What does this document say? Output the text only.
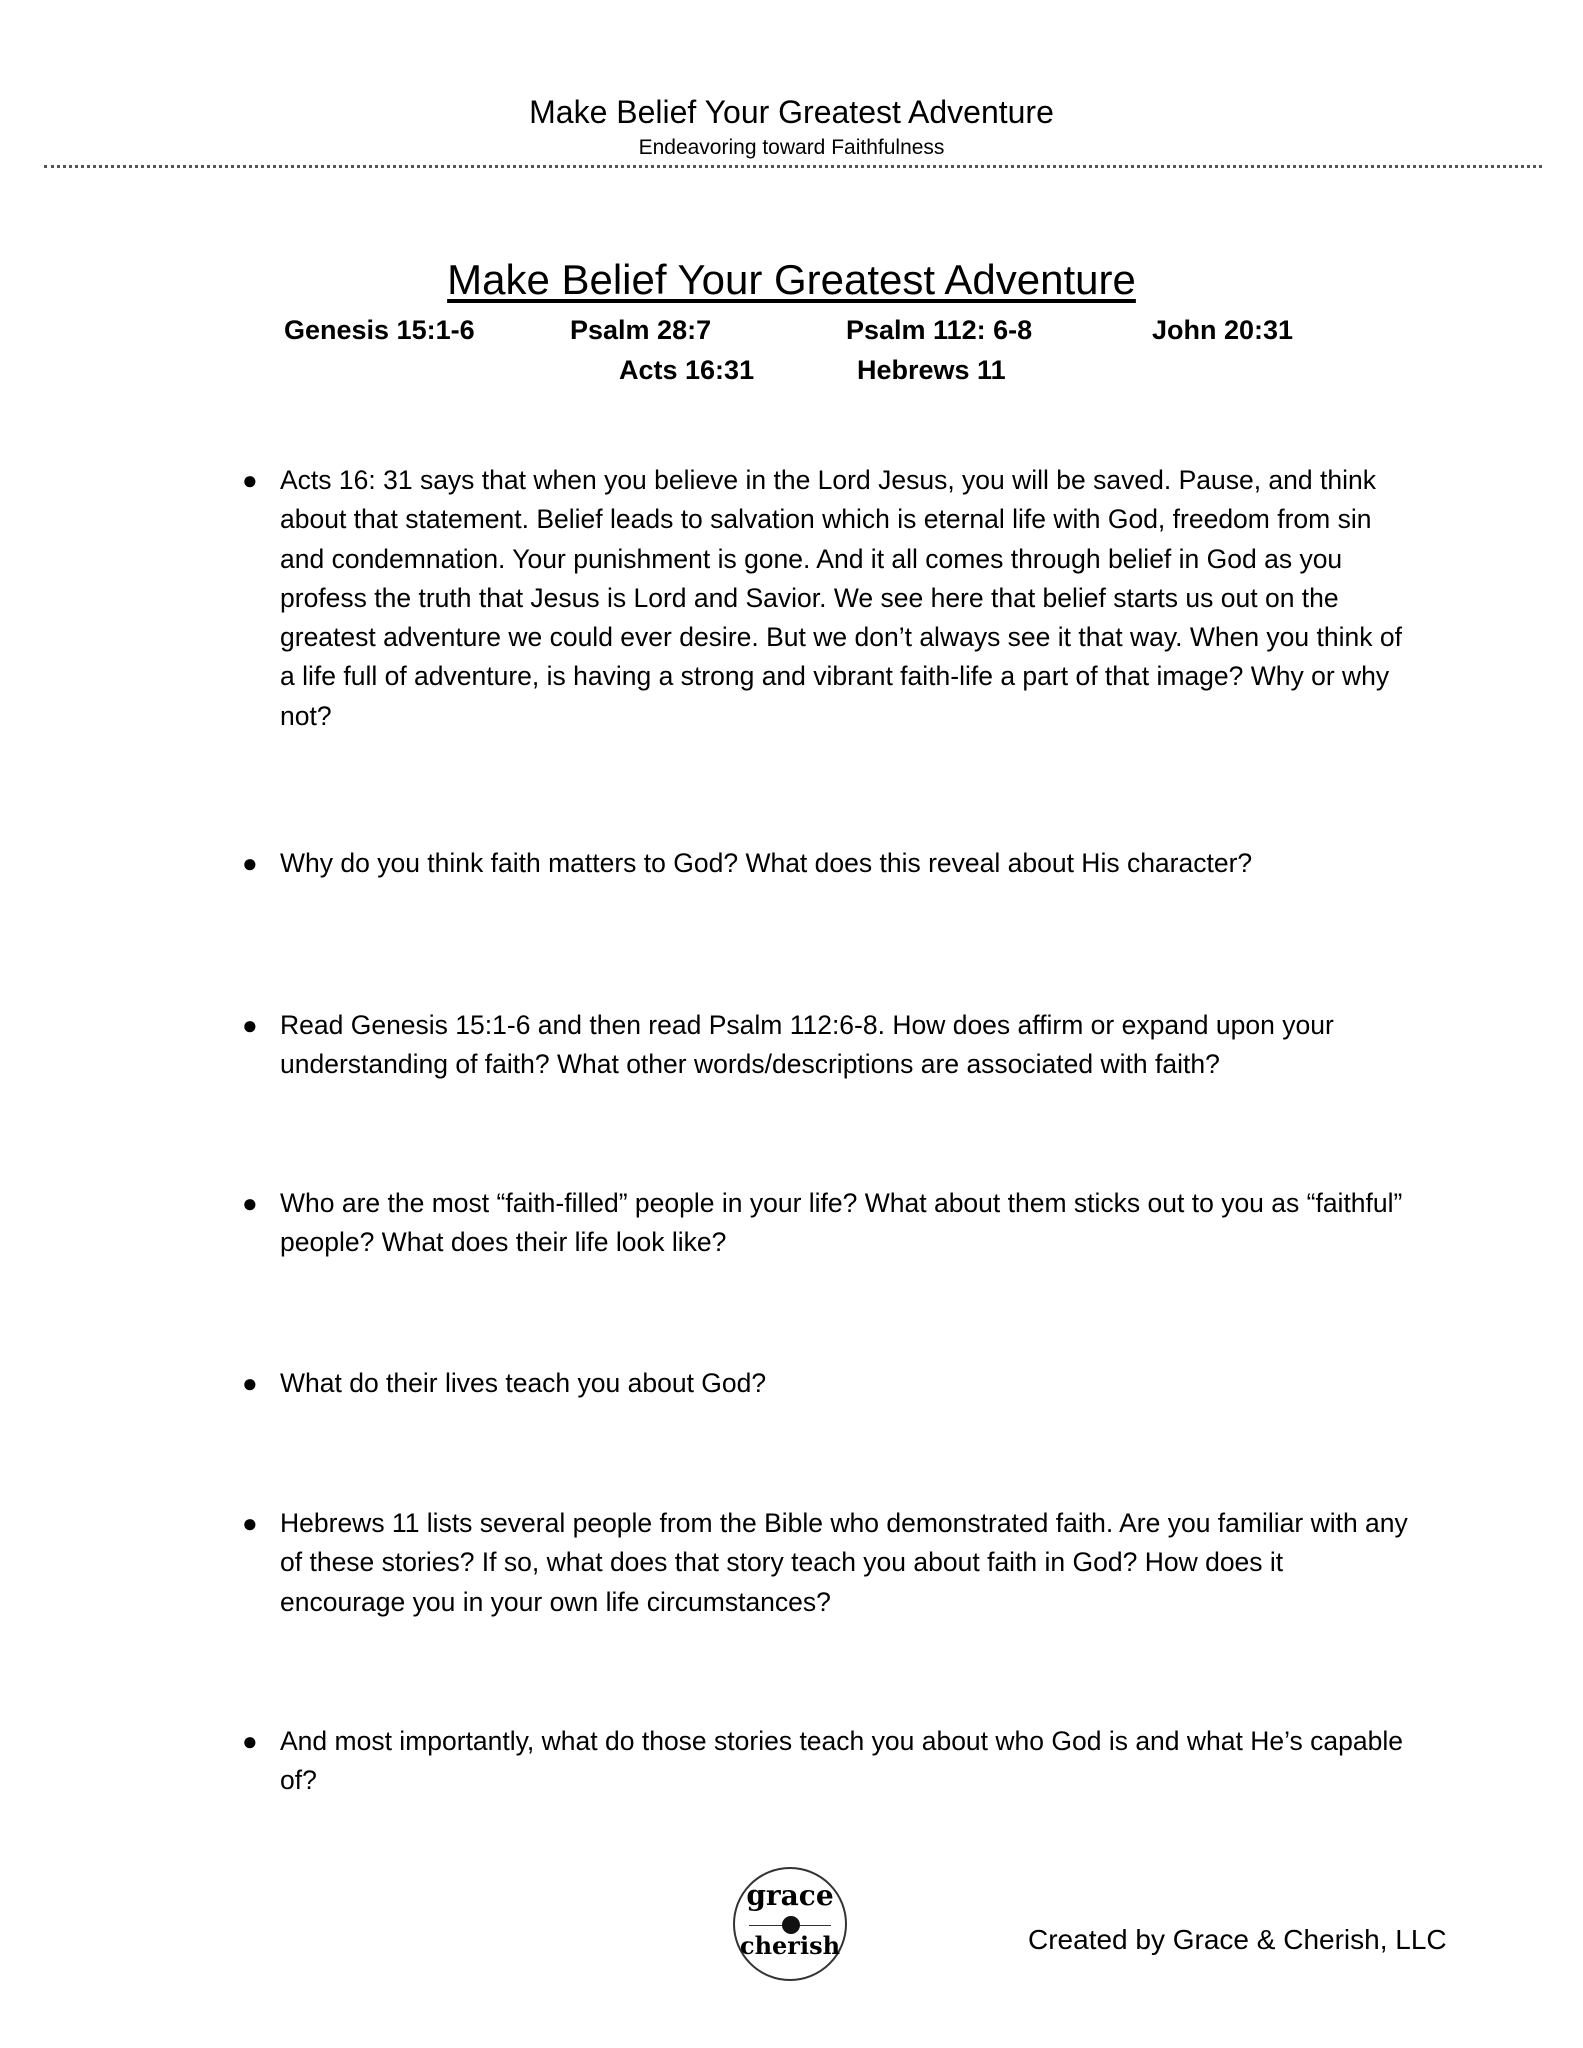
Make Belief Your Greatest Adventure
Endeavoring toward Faithfulness
Make Belief Your Greatest Adventure
Genesis 15:1-6	Psalm 28:7	Psalm 112: 6-8	John 20:31
Acts 16:31	Hebrews 11
● Acts 16: 31 says that when you believe in the Lord Jesus, you will be saved. Pause, and think about that statement. Belief leads to salvation which is eternal life with God, freedom from sin and condemnation. Your punishment is gone. And it all comes through belief in God as you profess the truth that Jesus is Lord and Savior. We see here that belief starts us out on the greatest adventure we could ever desire. But we don’t always see it that way. When you think of a life full of adventure, is having a strong and vibrant faith-life a part of that image? Why or why not?
● Why do you think faith matters to God? What does this reveal about His character?
● Read Genesis 15:1-6 and then read Psalm 112:6-8. How does affirm or expand upon your understanding of faith? What other words/descriptions are associated with faith?
● Who are the most “faith-filled” people in your life? What about them sticks out to you as “faithful” people? What does their life look like?
● What do their lives teach you about God?
● Hebrews 11 lists several people from the Bible who demonstrated faith. Are you familiar with any of these stories? If so, what does that story teach you about faith in God? How does it encourage you in your own life circumstances?
● And most importantly, what do those stories teach you about who God is and what He’s capable of?
grace
cherish	Created by Grace & Cherish, LLC
